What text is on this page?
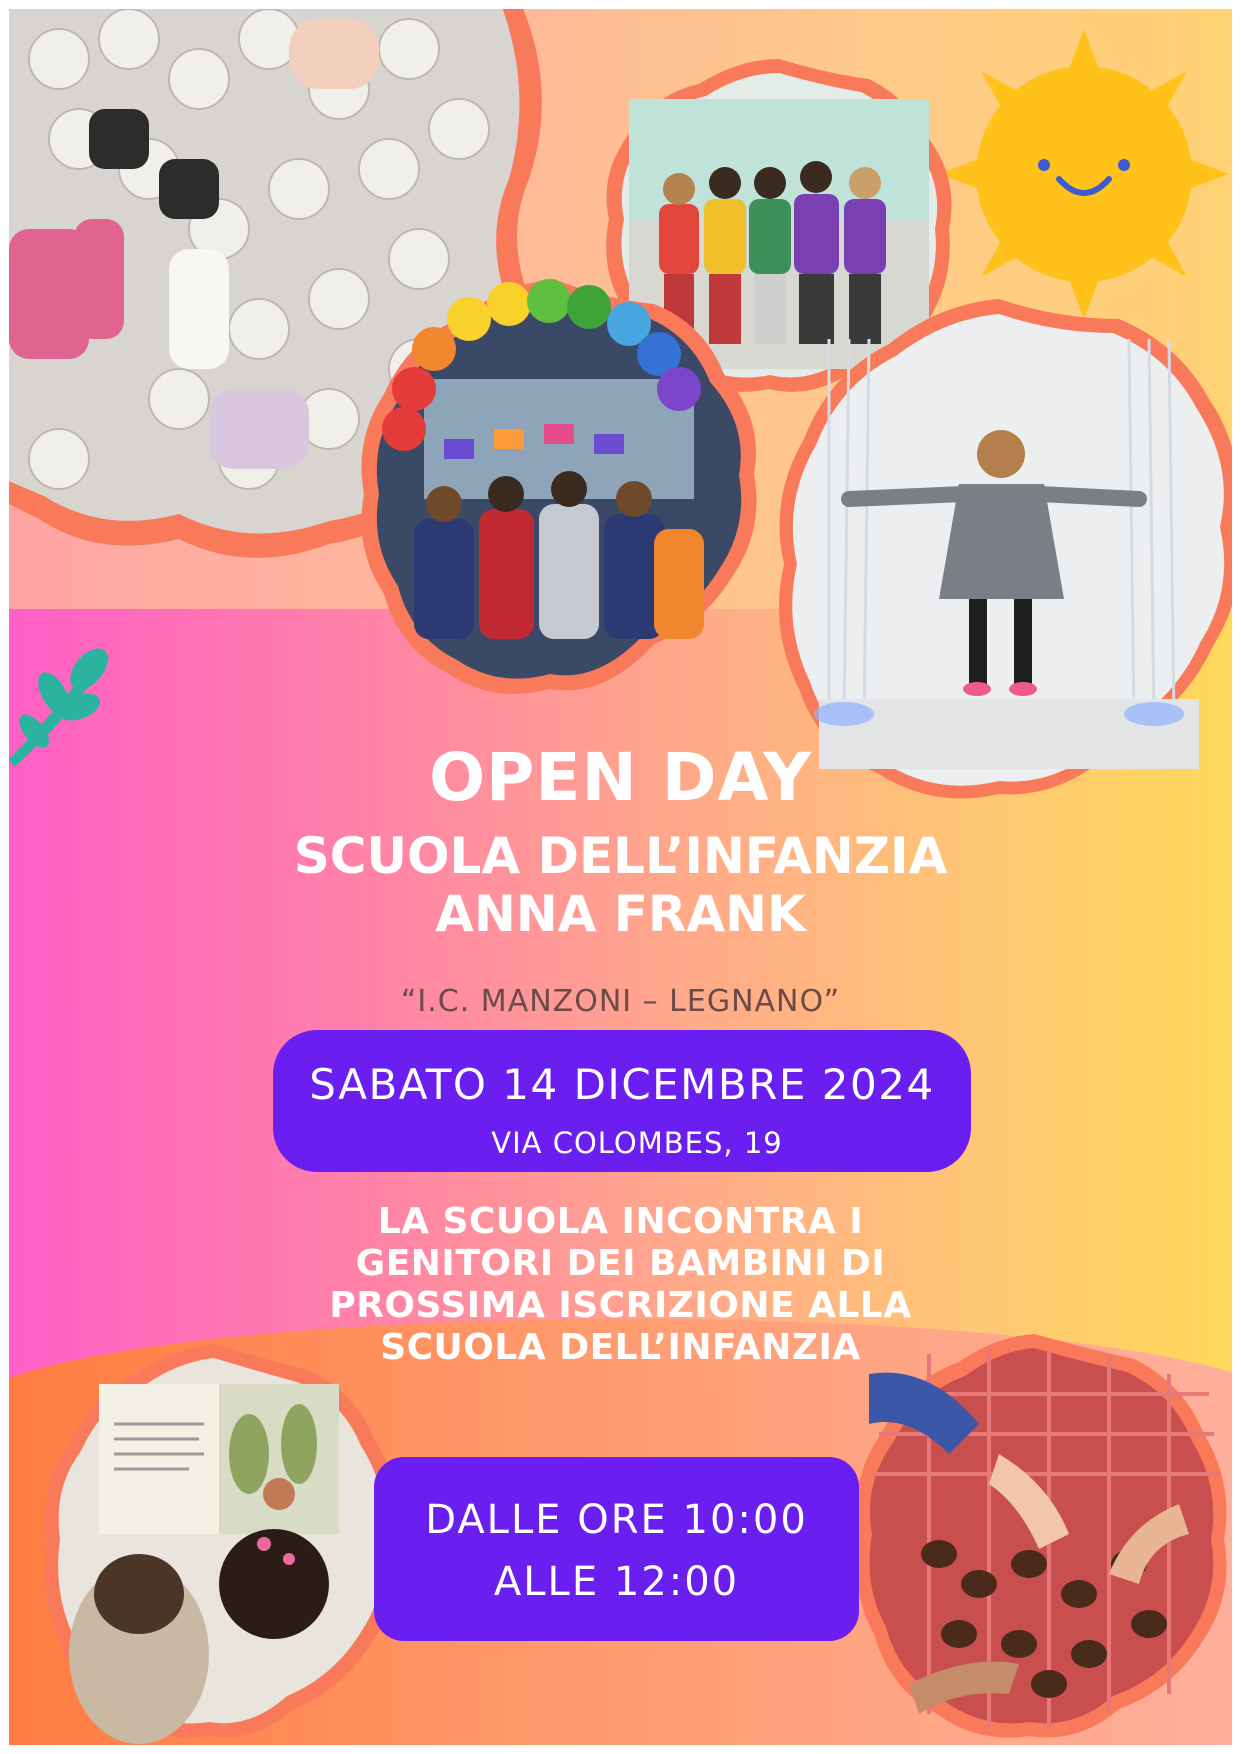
OPEN DAY
SCUOLA DELL’INFANZIA
ANNA FRANK
“I.C. MANZONI – LEGNANO”
SABATO 14 DICEMBRE 2024
VIA COLOMBES, 19
LA SCUOLA INCONTRA I
GENITORI DEI BAMBINI DI
PROSSIMA ISCRIZIONE ALLA
SCUOLA DELL’INFANZIA
DALLE ORE 10:00
ALLE 12:00
